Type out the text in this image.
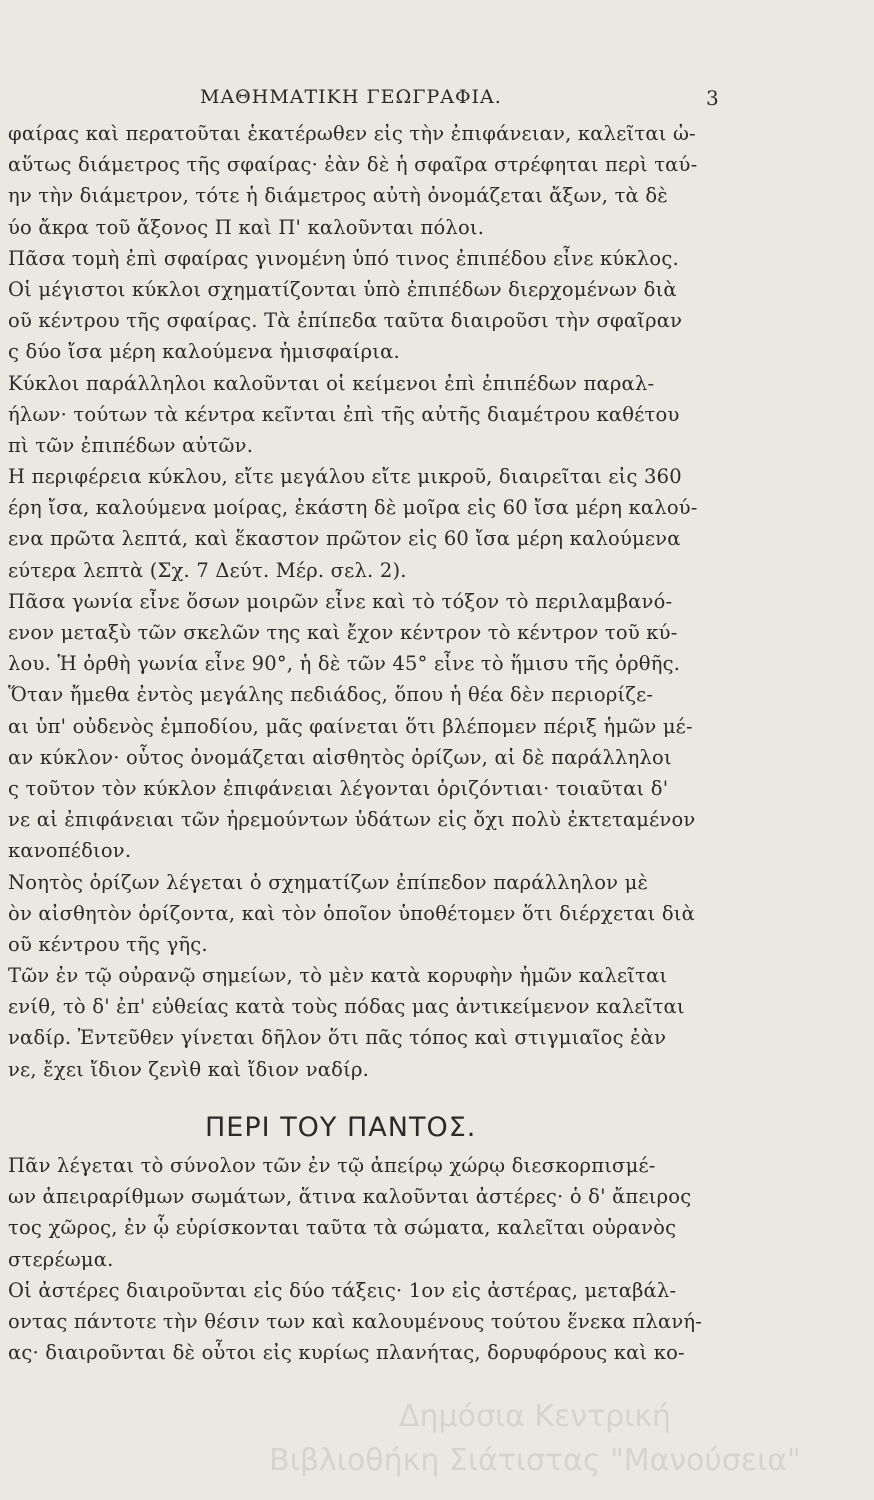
ΜΑΘΗΜΑΤΙΚΗ ΓΕΩΓΡΑΦΙΑ.	3
φαίρας καὶ περατοῦται ἑκατέρωθεν εἰς τὴν ἐπιφάνειαν, καλεῖται ὠ-
αὕτως διάμετρος τῆς σφαίρας· ἐὰν δὲ ἡ σφαῖρα στρέφηται περὶ ταύ-
ην τὴν διάμετρον, τότε ἡ διάμετρος αὐτὴ ὀνομάζεται ἄξων, τὰ δὲ
ύο ἄκρα τοῦ ἄξονος Π καὶ Π' καλοῦνται πόλοι.
Πᾶσα τομὴ ἐπὶ σφαίρας γινομένη ὑπό τινος ἐπιπέδου εἶνε κύκλος.
Οἱ μέγιστοι κύκλοι σχηματίζονται ὑπὸ ἐπιπέδων διερχομένων διὰ
οῦ κέντρου τῆς σφαίρας. Τὰ ἐπίπεδα ταῦτα διαιροῦσι τὴν σφαῖραν
ς δύο ἴσα μέρη καλούμενα ἡμισφαίρια.
Κύκλοι παράλληλοι καλοῦνται οἱ κείμενοι ἐπὶ ἐπιπέδων παραλ-
ήλων· τούτων τὰ κέντρα κεῖνται ἐπὶ τῆς αὐτῆς διαμέτρου καθέτου
πὶ τῶν ἐπιπέδων αὐτῶν.
Η περιφέρεια κύκλου, εἴτε μεγάλου εἴτε μικροῦ, διαιρεῖται εἰς 360
έρη ἴσα, καλούμενα μοίρας, ἑκάστη δὲ μοῖρα εἰς 60 ἴσα μέρη καλού-
ενα πρῶτα λεπτά, καὶ ἕκαστον πρῶτον εἰς 60 ἴσα μέρη καλούμενα
εύτερα λεπτὰ (Σχ. 7 Δεύτ. Μέρ. σελ. 2).
Πᾶσα γωνία εἶνε ὅσων μοιρῶν εἶνε καὶ τὸ τόξον τὸ περιλαμβανό-
ενον μεταξὺ τῶν σκελῶν της καὶ ἔχον κέντρον τὸ κέντρον τοῦ κύ-
λου. Ἡ ὀρθὴ γωνία εἶνε 90°, ἡ δὲ τῶν 45° εἶνε τὸ ἥμισυ τῆς ὀρθῆς.
Ὅταν ἤμεθα ἐντὸς μεγάλης πεδιάδος, ὅπου ἡ θέα δὲν περιορίζε-
αι ὑπ' οὐδενὸς ἐμποδίου, μᾶς φαίνεται ὅτι βλέπομεν πέριξ ἡμῶν μέ-
αν κύκλον· οὗτος ὀνομάζεται αἰσθητὸς ὁρίζων, αἱ δὲ παράλληλοι
ς τοῦτον τὸν κύκλον ἐπιφάνειαι λέγονται ὁριζόντιαι· τοιαῦται δ'
νε αἱ ἐπιφάνειαι τῶν ἠρεμούντων ὑδάτων εἰς ὄχι πολὺ ἐκτεταμένον
κανοπέδιον.
Νοητὸς ὁρίζων λέγεται ὁ σχηματίζων ἐπίπεδον παράλληλον μὲ
ὸν αἰσθητὸν ὁρίζοντα, καὶ τὸν ὁποῖον ὑποθέτομεν ὅτι διέρχεται διὰ
οῦ κέντρου τῆς γῆς.
Τῶν ἐν τῷ οὐρανῷ σημείων, τὸ μὲν κατὰ κορυφὴν ἡμῶν καλεῖται
ενίθ, τὸ δ' ἐπ' εὐθείας κατὰ τοὺς πόδας μας ἀντικείμενον καλεῖται
ναδίρ. Ἐντεῦθεν γίνεται δῆλον ὅτι πᾶς τόπος καὶ στιγμιαῖος ἐὰν
νε, ἔχει ἴδιον ζενὶθ καὶ ἴδιον ναδίρ.
ΠΕΡΙ ΤΟΥ ΠΑΝΤΟΣ.
Πᾶν λέγεται τὸ σύνολον τῶν ἐν τῷ ἀπείρῳ χώρῳ διεσκορπισμέ-
ων ἀπειραρίθμων σωμάτων, ἅτινα καλοῦνται ἀστέρες· ὁ δ' ἄπειρος
τος χῶρος, ἐν ᾧ εὑρίσκονται ταῦτα τὰ σώματα, καλεῖται οὐρανὸς
στερέωμα.
Οἱ ἀστέρες διαιροῦνται εἰς δύο τάξεις· 1ον εἰς ἀστέρας, μεταβάλ-
οντας πάντοτε τὴν θέσιν των καὶ καλουμένους τούτου ἕνεκα πλανή-
ας· διαιροῦνται δὲ οὗτοι εἰς κυρίως πλανήτας, δορυφόρους καὶ κο-
Δημόσια Κεντρική
Βιβλιοθήκη Σιάτιστας "Μανούσεια"
